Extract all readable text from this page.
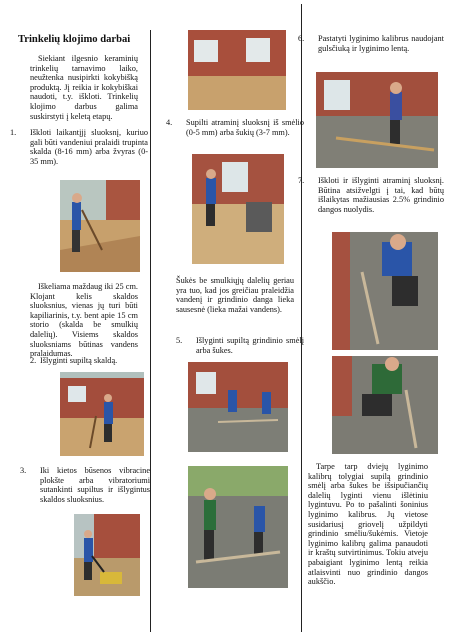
Trinkelių klojimo darbai
Siekiant ilgesnio keraminių trinkelių tarnavimo laiko, neužtenka nusipirkti kokybišką produktą. Jį reikia ir kokybiškai naudoti, t.y. iškloti. Trinkelių klojimo darbus galima suskirstyti į keletą etapų.
1. Iškloti laikantįjį sluoksnį, kuriuo gali būti vandeniui pralaidi trupinta skalda (8-16 mm) arba žvyras (0-35 mm).
Iškeliama maždaug iki 25 cm. Klojant kelis skaldos sluoksnius, vienas jų turi būti kapiliarinis, t.y. bent apie 15 cm storio (skalda be smulkių dalelių). Visiems skaldos sluoksniams būtinas vandens pralaidumas.
2. Išlyginti supiltą skaldą.
3. Iki kietos būsenos vibracine plokšte arba vibratoriumi sutankinti supiltus ir išlygintus skaldos sluoksnius.
4. Supilti atraminį sluoksnį iš smėlio (0-5 mm) arba šukių (3-7 mm).
Šukės be smulkiųjų dalelių geriau yra tuo, kad jos greičiau praleidžia vandenį ir grindinio danga lieka sausesnė (lieka mažai vandens).
5. Išlyginti supiltą grindinio smėlį arba šukes.
6. Pastatyti lyginimo kalibrus naudojant gulsčiuką ir lyginimo lentą.
7. Iškloti ir išlyginti atraminį sluoksnį. Būtina atsižvelgti į tai, kad būtų išlaikytas mažiausias 2.5% grindinio dangos nuolydis.
Tarpe tarp dviejų lyginimo kalibrų tolygiai supilą grindinio smėlį arba šukes be išsipučiančių dalelių lyginti vienu išlėtiniu lygintuvu. Po to pašalinti šoninius lyginimo kalibrus. Jų vietose susidariusį griovelį užpildyti grindinio smėliu/šukėmis. Vietoje lyginimo kalibrų galima panaudoti ir kraštų sutvirtinimus. Tokiu atveju pabaigiant lyginimo lentą reikia atlaisvinti nuo grindinio dangos aukščio.
